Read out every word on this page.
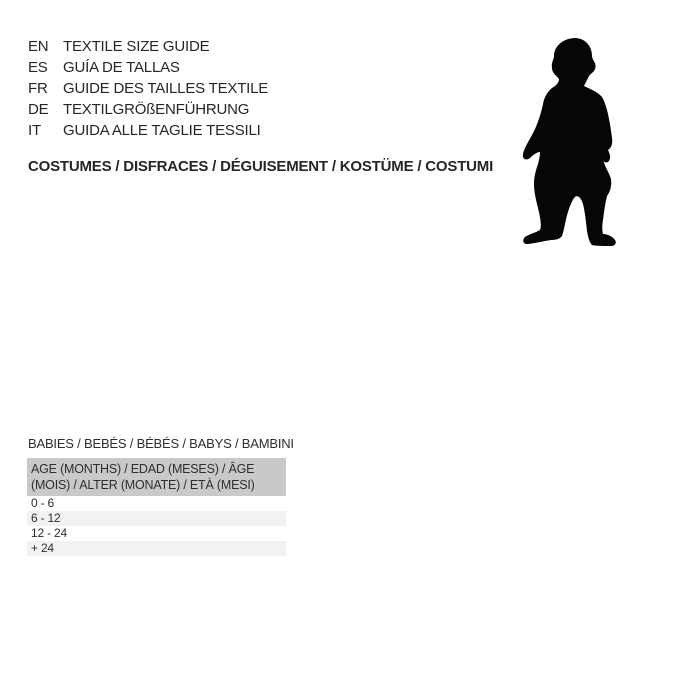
EN TEXTILE SIZE GUIDE
ES	GUÍA DE TALLAS
FR	GUIDE DES TAILLES TEXTILE
DE TEXTILGRÖßENFÜHRUNG
IT	GUIDA ALLE TAGLIE TESSILI
COSTUMES / DISFRACES / DÉGUISEMENT / KOSTÜME / COSTUMI
BABIES / BEBÉS / BÉBÉS / BABYS / BAMBINI
AGE (MONTHS) / EDAD (MESES) / ÂGE (MOIS) / ALTER (MONATE) / ETÀ (MESI)
0 - 6
6 - 12
12 - 24
+ 24
